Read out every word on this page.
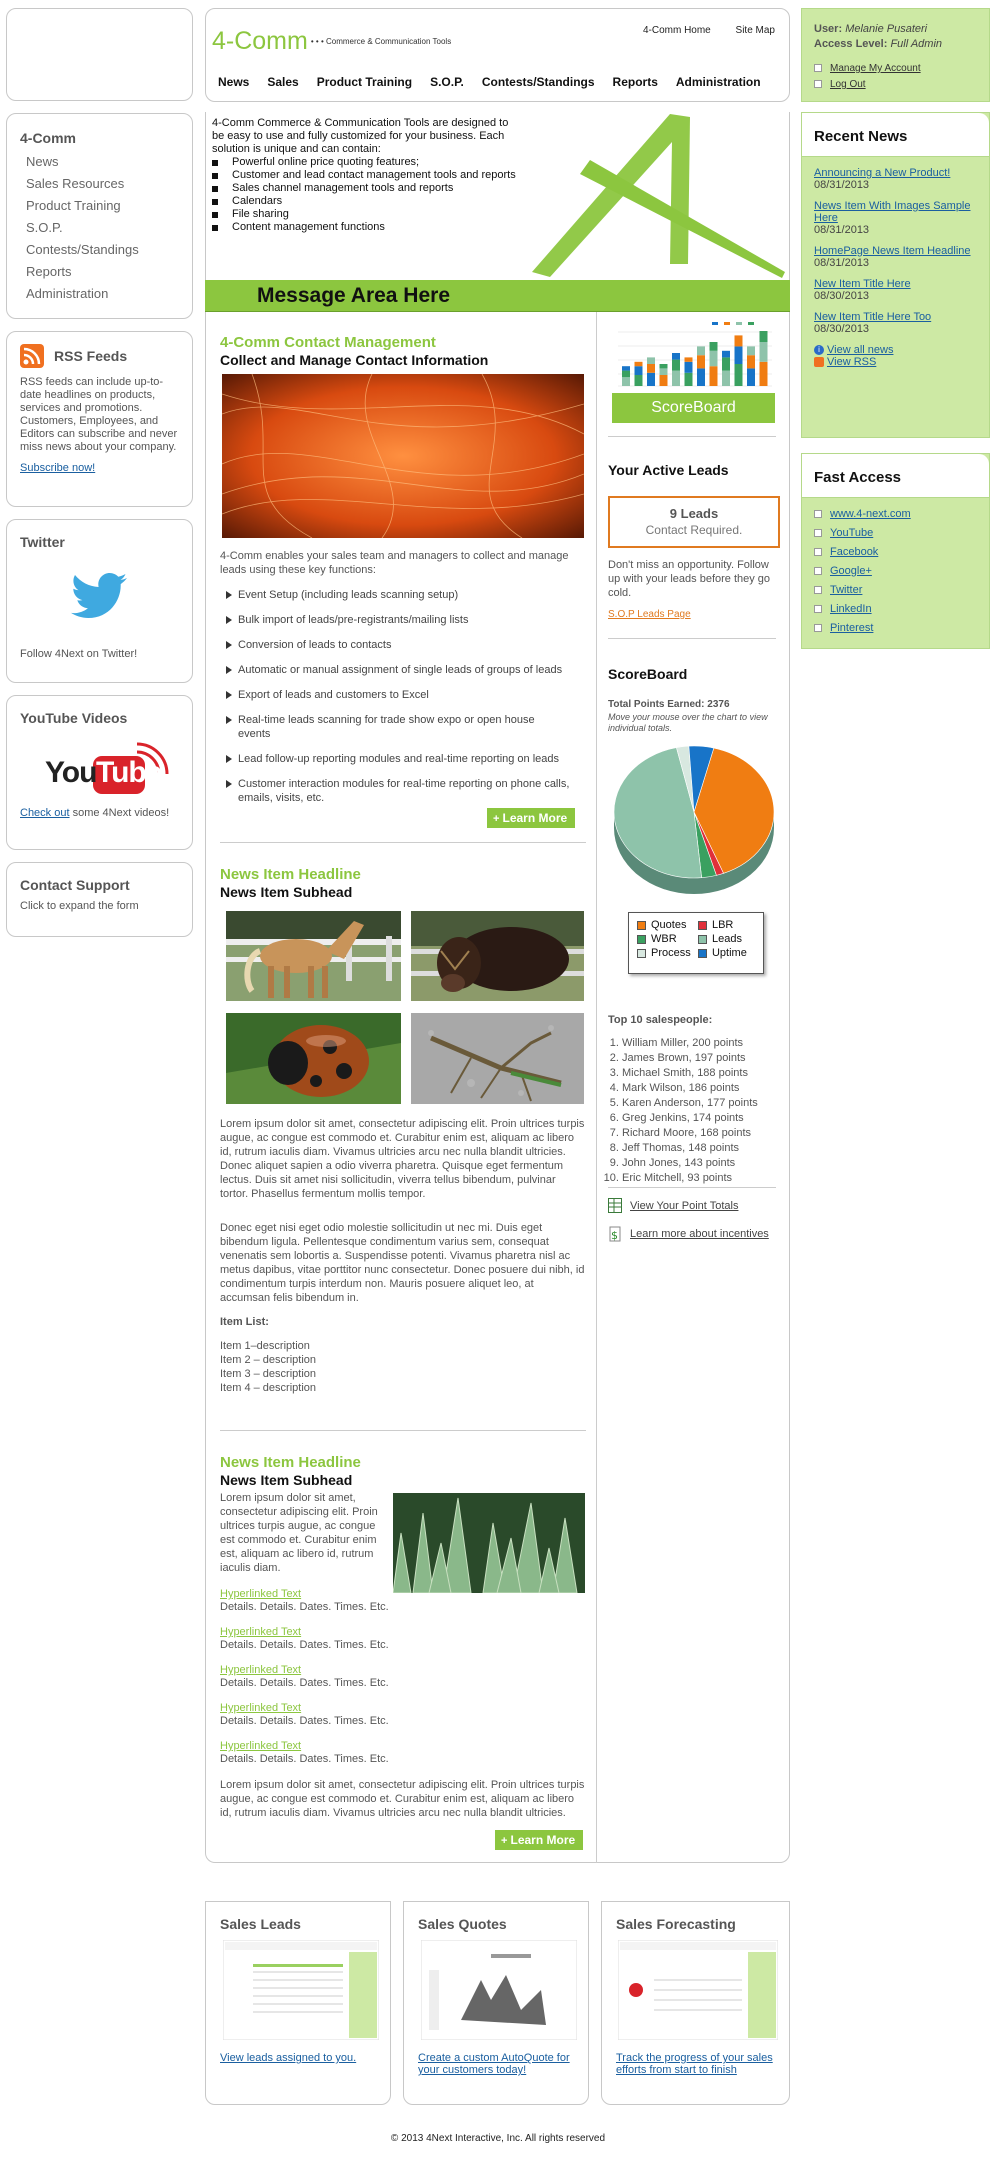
4-Comm $^{• • • Commerce \& Communication Tools}$
4-Comm Home Site Map
News Sales Product Training S.O.P. Contests/Standings Reports Administration
User: Melanie Pusateri
Access Level: Full Admin
Manage My Account
Log Out
4-Comm
News
Sales Resources
Product Training
S.O.P.
Contests/Standings
Reports
Administration
RSS Feeds

RSS feeds can include up-to-date headlines on products, services and promotions. Customers, Employees, and Editors can subscribe and never miss news about your company.

Subscribe now!
Twitter

Follow 4Next on Twitter!

YouTube Videos
You Tube

Check out some 4Next videos!

Contact Support

Click to expand the form

4-Comm Commerce & Communication Tools are designed to be easy to use and fully customized for your business. Each solution is unique and can contain:

Powerful online price quoting features;
Customer and lead contact management tools and reports
Sales channel management tools and reports
Calendars
File sharing
Content management functions
Message Area Here
4-Comm Contact Management
Collect and Manage Contact Information

4-Comm enables your sales team and managers to collect and manage leads using these key functions:

Event Setup (including leads scanning setup)
Bulk import of leads/pre-registrants/mailing lists
Conversion of leads to contacts
Automatic or manual assignment of single leads of groups of leads
Export of leads and customers to Excel
Real-time leads scanning for trade show expo or open house events
Lead follow-up reporting modules and real-time reporting on leads
Customer interaction modules for real-time reporting on phone calls, emails, visits, etc.
+ Learn More
News Item Headline
News Item Subhead

Lorem ipsum dolor sit amet, consectetur adipiscing elit. Proin ultrices turpis augue, ac congue est commodo et. Curabitur enim est, aliquam ac libero id, rutrum iaculis diam. Vivamus ultricies arcu nec nulla blandit ultricies. Donec aliquet sapien a odio viverra pharetra. Quisque eget fermentum lectus. Duis sit amet nisi sollicitudin, viverra tellus bibendum, pulvinar tortor. Phasellus fermentum mollis tempor.

Donec eget nisi eget odio molestie sollicitudin ut nec mi. Duis eget bibendum ligula. Pellentesque condimentum varius sem, consequat venenatis sem lobortis a. Suspendisse potenti. Vivamus pharetra nisl ac metus dapibus, vitae porttitor nunc consectetur. Donec posuere dui nibh, id condimentum turpis interdum non. Mauris posuere aliquet leo, at accumsan felis bibendum in.

Item List:
Item 1–description
Item 2 – description
Item 3 – description
Item 4 – description
News Item Headline
News Item Subhead

Lorem ipsum dolor sit amet, consectetur adipiscing elit. Proin ultrices turpis augue, ac congue est commodo et. Curabitur enim est, aliquam ac libero id, rutrum iaculis diam.

Hyperlinked Text
Details. Details. Dates. Times. Etc.
Hyperlinked Text
Details. Details. Dates. Times. Etc.
Hyperlinked Text
Details. Details. Dates. Times. Etc.
Hyperlinked Text
Details. Details. Dates. Times. Etc.
Hyperlinked Text
Details. Details. Dates. Times. Etc.

Lorem ipsum dolor sit amet, consectetur adipiscing elit. Proin ultrices turpis augue, ac congue est commodo et. Curabitur enim est, aliquam ac libero id, rutrum iaculis diam. Vivamus ultricies arcu nec nulla blandit ultricies.

+ Learn More
ScoreBoard
Your Active Leads
9 Leads
Contact Required.

Don't miss an opportunity. Follow up with your leads before they go cold.

S.O.P Leads Page
ScoreBoard
Total Points Earned: 2376
Move your mouse over the chart to view individual totals.
Quotes	LBR
WBR	Leads
Process	Uptime
Top 10 salespeople:
1. William Miller, 200 points
2. James Brown, 197 points
3. Michael Smith, 188 points
4. Mark Wilson, 186 points
5. Karen Anderson, 177 points
6. Greg Jenkins, 174 points
7. Richard Moore, 168 points
8. Jeff Thomas, 148 points
9. John Jones, 143 points
10. Eric Mitchell, 93 points
View Your Point Totals
$ Learn more about incentives
Recent News
Announcing a New Product!
08/31/2013
News Item With Images Sample Here
08/31/2013
HomePage News Item Headline
08/31/2013
New Item Title Here
08/30/2013
New Item Title Here Too
08/30/2013
i View all news
View RSS
Fast Access
www.4-next.com
YouTube
Facebook
Google+
Twitter
LinkedIn
Pinterest
Sales Leads
View leads assigned to you.
Sales Quotes
Create a custom AutoQuote for your customers today!
Sales Forecasting
Track the progress of your sales efforts from start to finish
© 2013 4Next Interactive, Inc. All rights reserved
